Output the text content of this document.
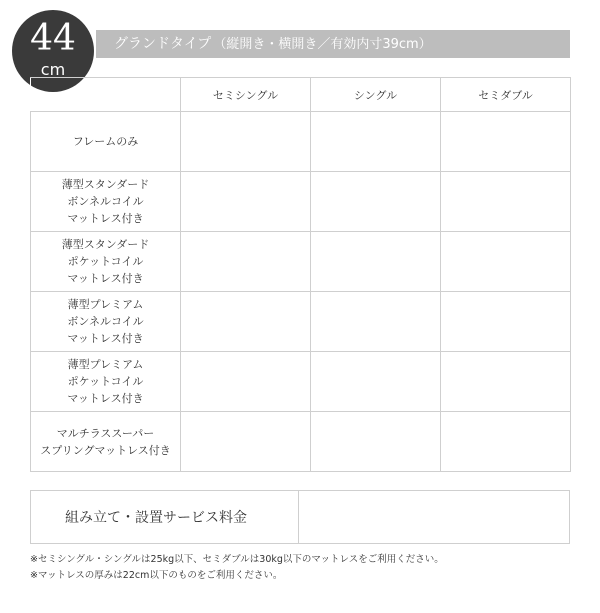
44
cm
グランドタイプ （縦開き・横開き／有効内寸39cm）
	セミシングル	シングル	セミダブル

フレームのみ			

薄型スタンダード
ボンネルコイル
マットレス付き			

薄型スタンダード
ポケットコイル
マットレス付き			

薄型プレミアム
ボンネルコイル
マットレス付き			

薄型プレミアム
ポケットコイル
マットレス付き			

マルチラススーパー
スプリングマットレス付き			

組み立て・設置サービス料金
※セミシングル・シングルは25kg以下、セミダブルは30kg以下のマットレスをご利用ください。
※マットレスの厚みは22cm以下のものをご利用ください。
